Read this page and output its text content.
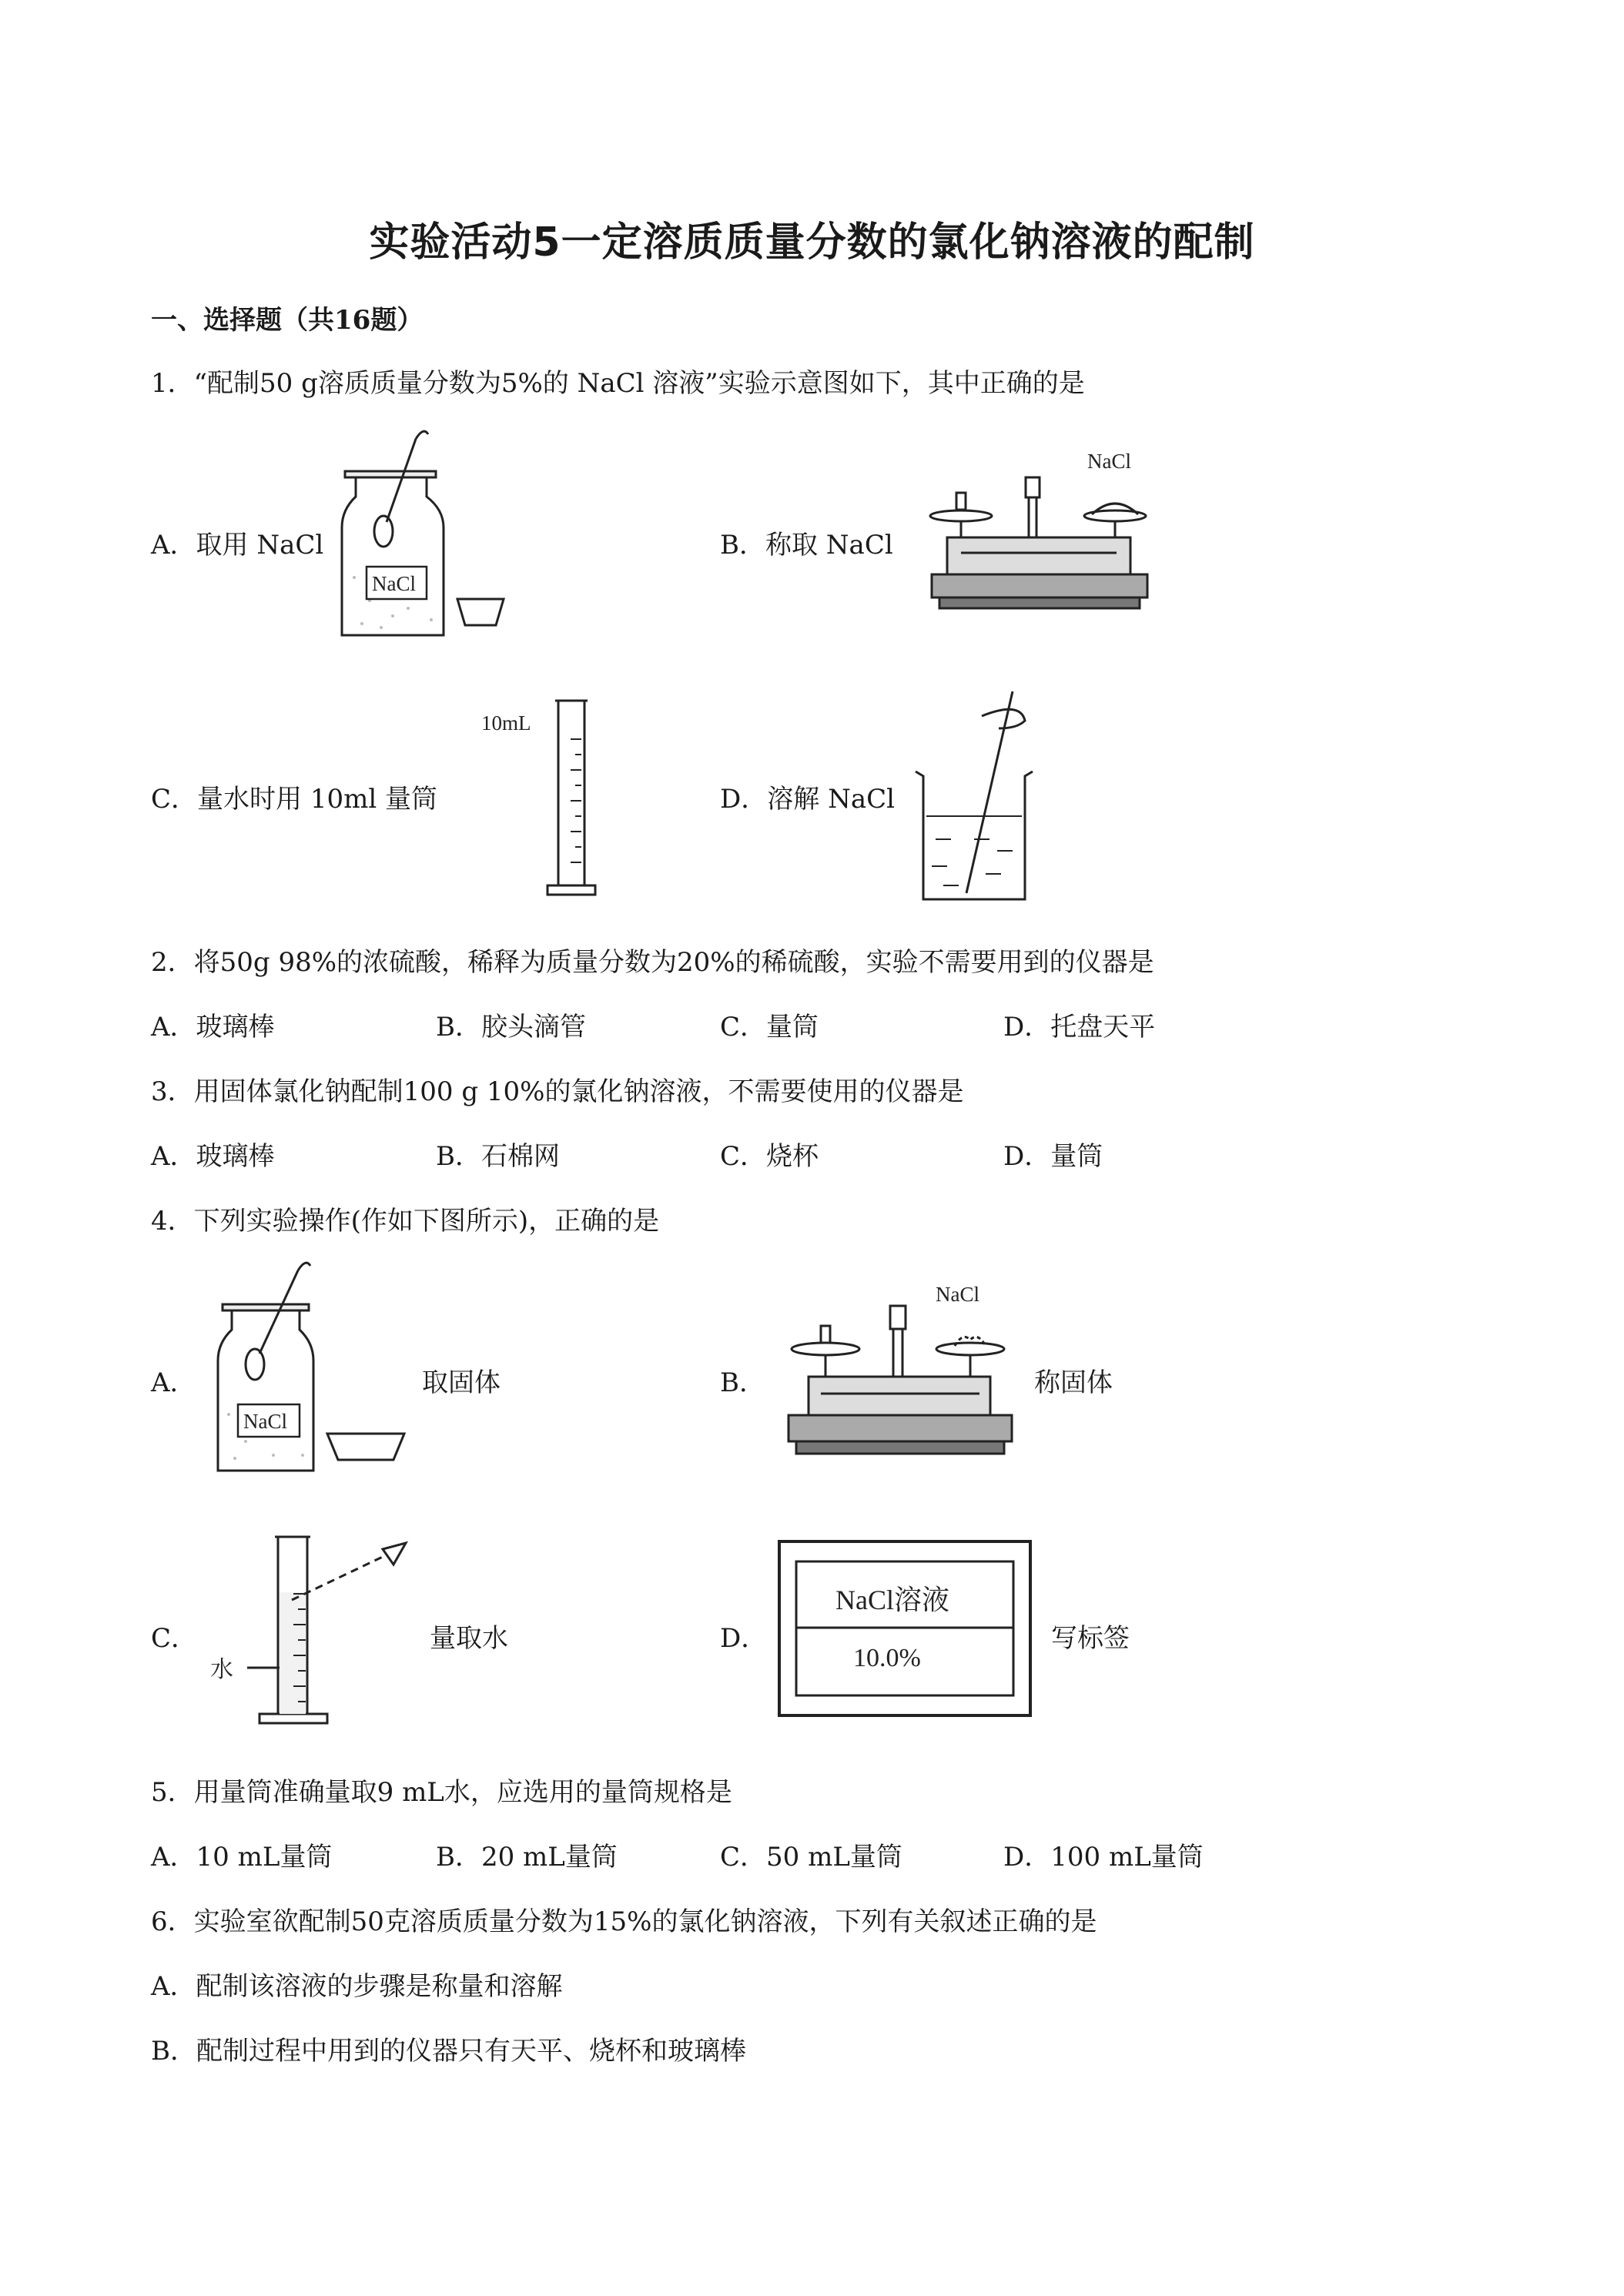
实验活动5一定溶质质量分数的氯化钠溶液的配制
一、选择题（共16题）
1．“配制50 g溶质质量分数为5%的 NaCl 溶液”实验示意图如下，其中正确的是
A．取用 NaCl
NaCl
B．称取 NaCl
NaCl
C．量水时用 10ml 量筒
10mL
D．溶解 NaCl
2．将50g 98%的浓硫酸，稀释为质量分数为20%的稀硫酸，实验不需要用到的仪器是
A．玻璃棒	B．胶头滴管	C．量筒	D．托盘天平
3．用固体氯化钠配制100 g 10%的氯化钠溶液，不需要使用的仪器是
A．玻璃棒	B．石棉网	C．烧杯	D．量筒
4．下列实验操作(作如下图所示)，正确的是
A．
NaCl
取固体	B．
NaCl
称固体
C．
水
量取水	D．
NaCl溶液
10.0%
写标签
5．用量筒准确量取9 mL水，应选用的量筒规格是
A．10 mL量筒	B．20 mL量筒	C．50 mL量筒	D．100 mL量筒
6．实验室欲配制50克溶质质量分数为15%的氯化钠溶液，下列有关叙述正确的是
A．配制该溶液的步骤是称量和溶解
B．配制过程中用到的仪器只有天平、烧杯和玻璃棒
